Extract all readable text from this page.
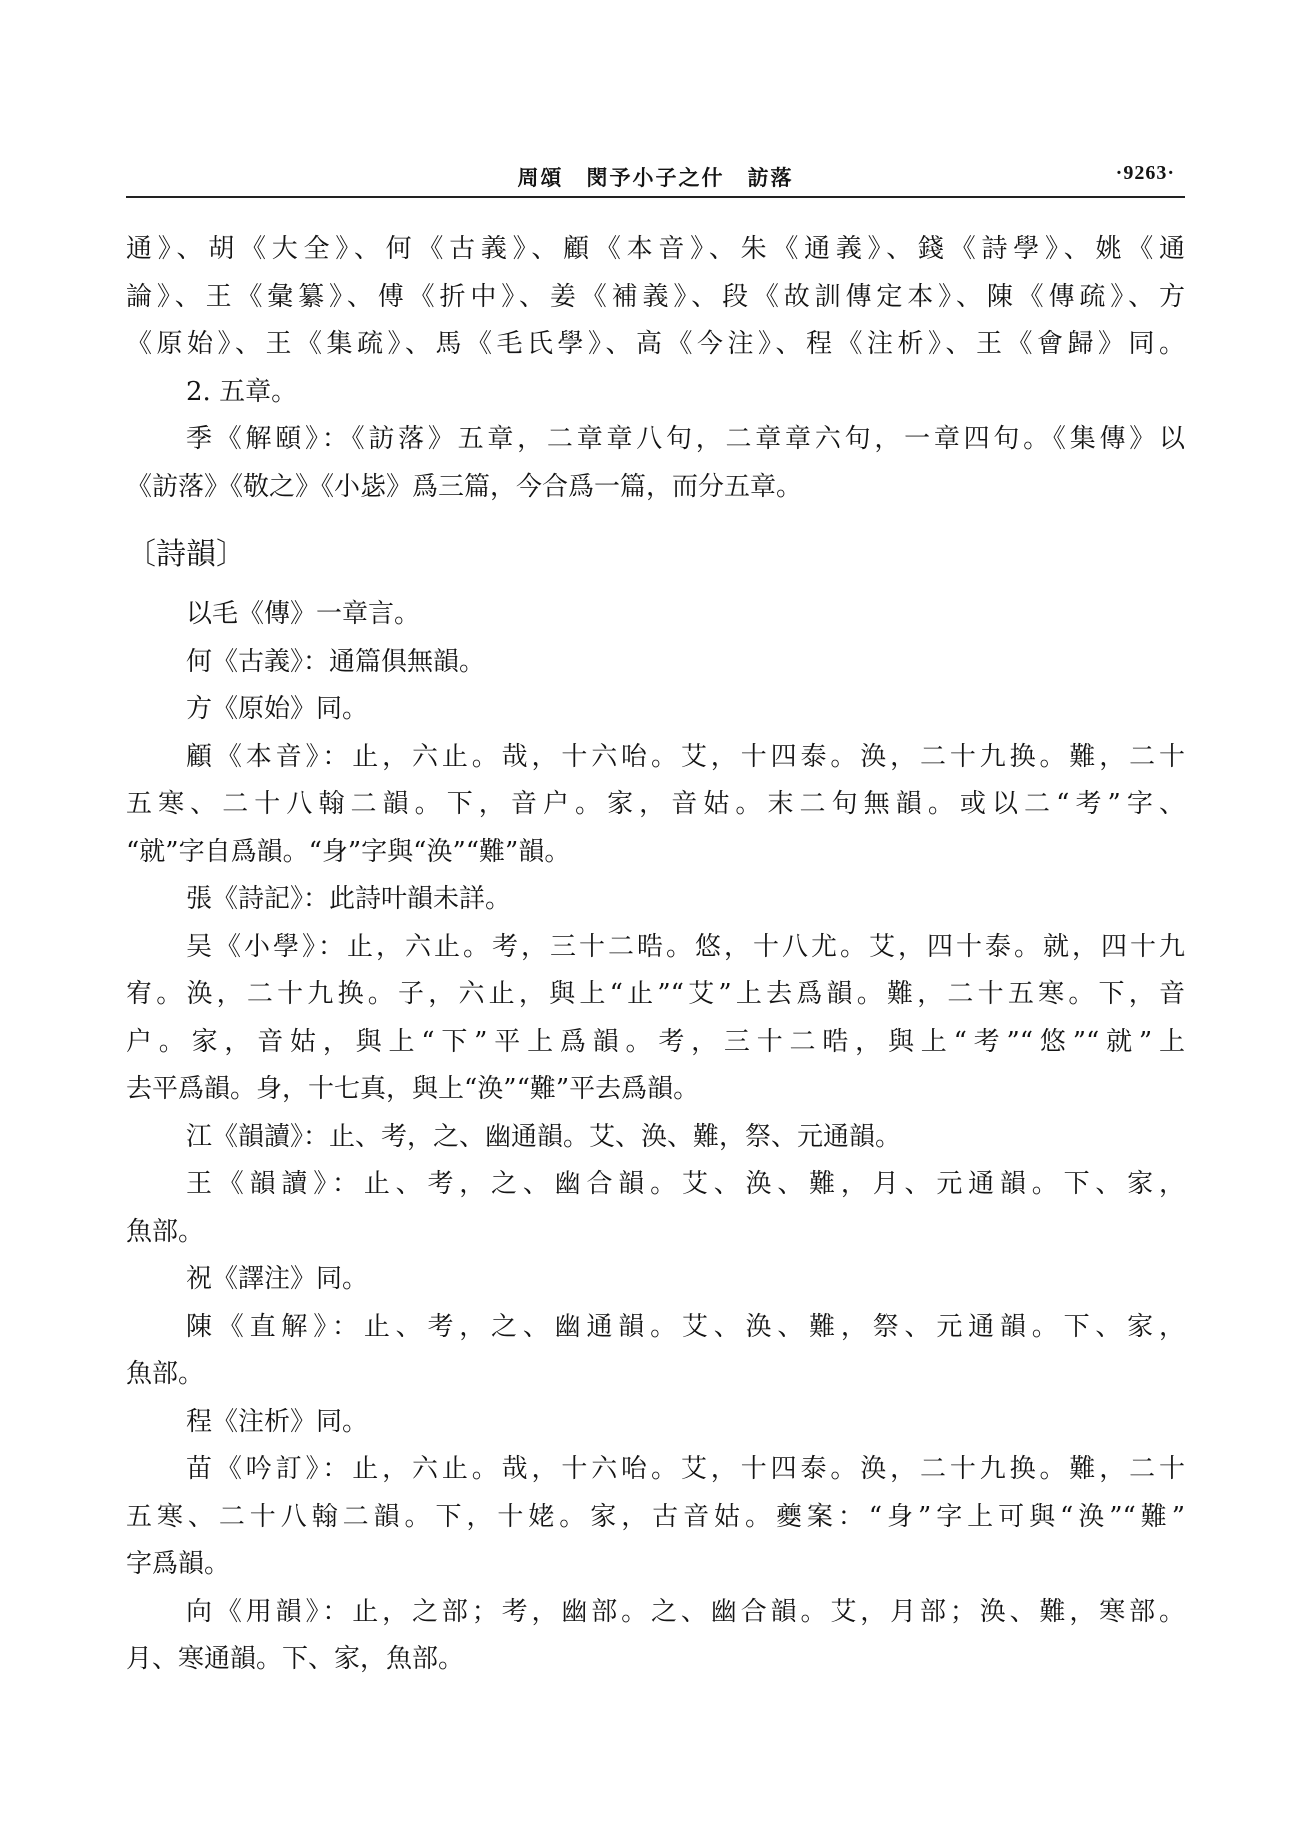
周頌　閔予小子之什　訪落	·9263·
通》、胡《大全》、何《古義》、顧《本音》、朱《通義》、錢《詩學》、姚《通
論》、王《彙纂》、傅《折中》、姜《補義》、段《故訓傳定本》、陳《傳疏》、方
《原始》、王《集疏》、馬《毛氏學》、高《今注》、程《注析》、王《會歸》同。
2. 五章。
季《解頤》：《訪落》五章，二章章八句，二章章六句，一章四句。《集傳》以
《訪落》《敬之》《小毖》爲三篇，今合爲一篇，而分五章。
〔詩韻〕
以毛《傳》一章言。
何《古義》：通篇俱無韻。
方《原始》同。
顧《本音》：止，六止。哉，十六咍。艾，十四泰。涣，二十九换。難，二十
五寒、二十八翰二韻。下，音户。家，音姑。末二句無韻。或以二“考”字、
“就”字自爲韻。“身”字與“涣”“難”韻。
張《詩記》：此詩叶韻未詳。
吴《小學》：止，六止。考，三十二晧。悠，十八尤。艾，四十泰。就，四十九
宥。涣，二十九换。子，六止，與上“止”“艾”上去爲韻。難，二十五寒。下，音
户。家，音姑，與上“下”平上爲韻。考，三十二晧，與上“考”“悠”“就”上
去平爲韻。身，十七真，與上“涣”“難”平去爲韻。
江《韻讀》：止、考，之、幽通韻。艾、涣、難，祭、元通韻。
王《韻讀》：止、考，之、幽合韻。艾、涣、難，月、元通韻。下、家，
魚部。
祝《譯注》同。
陳《直解》：止、考，之、幽通韻。艾、涣、難，祭、元通韻。下、家，
魚部。
程《注析》同。
苗《吟訂》：止，六止。哉，十六咍。艾，十四泰。涣，二十九换。難，二十
五寒、二十八翰二韻。下，十姥。家，古音姑。夔案：“身”字上可與“涣”“難”
字爲韻。
向《用韻》：止，之部；考，幽部。之、幽合韻。艾，月部；涣、難，寒部。
月、寒通韻。下、家，魚部。
